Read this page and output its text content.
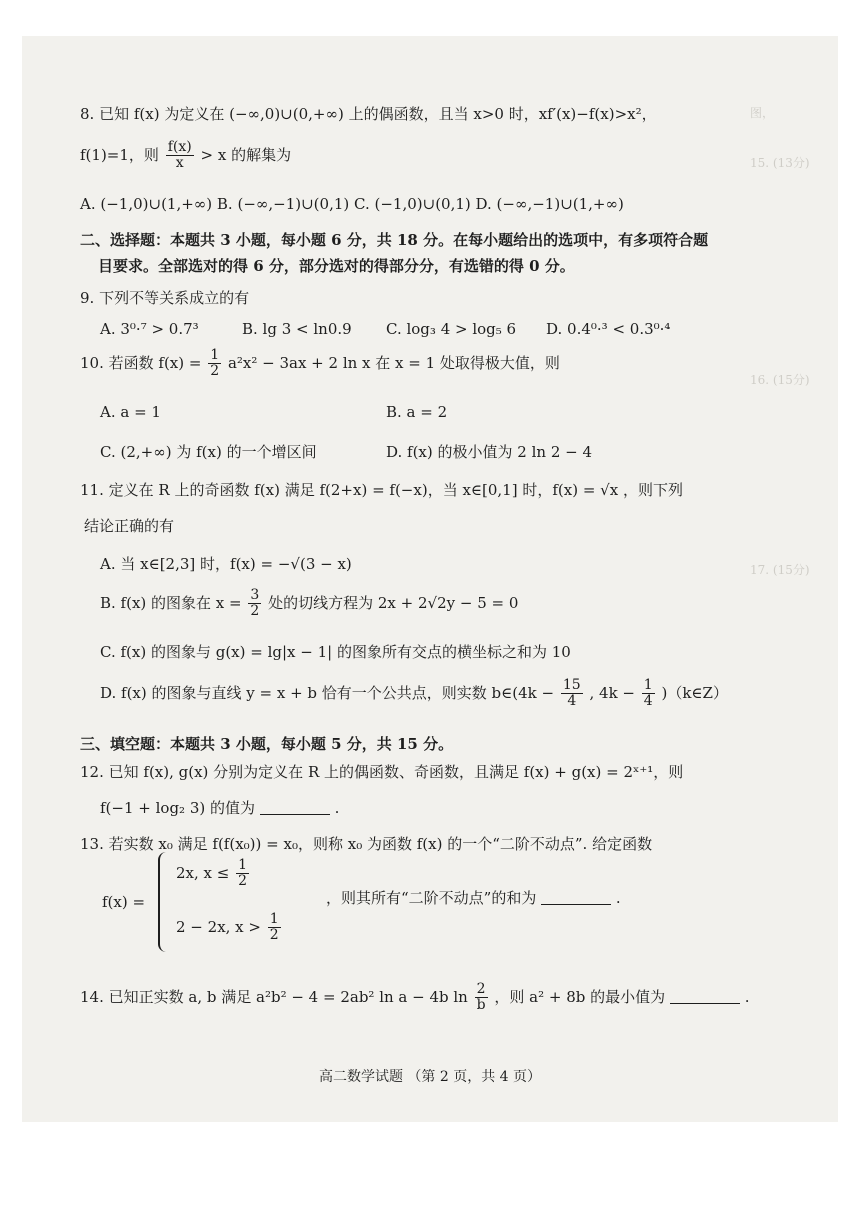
图，
15. (13分)
16. (15分)
17. (15分)
8. 已知 f(x) 为定义在 (−∞,0)∪(0,+∞) 上的偶函数，且当 x>0 时，xf′(x)−f(x)>x²，
f(1)=1，则 $\frac{f(x)}{x} > x$ 的解集为
A. (−1,0)∪(1,+∞) B. (−∞,−1)∪(0,1) C. (−1,0)∪(0,1) D. (−∞,−1)∪(1,+∞)
二、选择题：本题共 3 小题，每小题 6 分，共 18 分。在每小题给出的选项中，有多项符合题
目要求。全部选对的得 6 分，部分选对的得部分分，有选错的得 0 分。
9. 下列不等关系成立的有
A. 3⁰·⁷ > 0.7³	B. lg 3 < ln0.9 C. log₃ 4 > log₅ 6 D. 0.4⁰·³ < 0.3⁰·⁴
10. 若函数 $f(x) = \frac{1}{2} a^2x^2 - 3ax + 2$ ln x 在 x = 1 处取得极大值，则
A. a = 1	B. a = 2
C. (2,+∞) 为 f(x) 的一个增区间	D. f(x) 的极小值为 2 ln 2 − 4
11. 定义在 R 上的奇函数 f(x) 满足 f(2+x) = f(−x)，当 x∈[0,1] 时，f(x) = √x ，则下列
结论正确的有
A. 当 x∈[2,3] 时，f(x) = −√(3 − x)
B. f(x) 的图象在 $x = \frac{3}{2}$ 处的切线方程为 2x + 2√2y − 5 = 0
C. f(x) 的图象与 g(x) = lg|x − 1| 的图象所有交点的横坐标之和为 10
D. f(x) 的图象与直线 y = x + b 恰有一个公共点，则实数 b∈(4k − $\frac{15}{4}$ , $4k - \frac{1}{4}$ )（k∈Z）
三、填空题：本题共 3 小题，每小题 5 分，共 15 分。
12. 已知 f(x), g(x) 分别为定义在 R 上的偶函数、奇函数，且满足 f(x) + g(x) = 2ˣ⁺¹，则
f(−1 + log₂ 3) 的值为	.
13. 若实数 x₀ 满足 f(f(x₀)) = x₀，则称 x₀ 为函数 f(x) 的一个“二阶不动点”. 给定函数
f(x) =
2x, $x \le \frac{1}{2}$
2 − 2x, $x > \frac{1}{2}$
，则其所有“二阶不动点”的和为	.
14. 已知正实数 a, b 满足 a²b² − 4 = 2ab² ln a − 4b $\ln \frac{2}{b}$ ，则 a² + 8b 的最小值为	.
高二数学试题 （第 2 页，共 4 页）
